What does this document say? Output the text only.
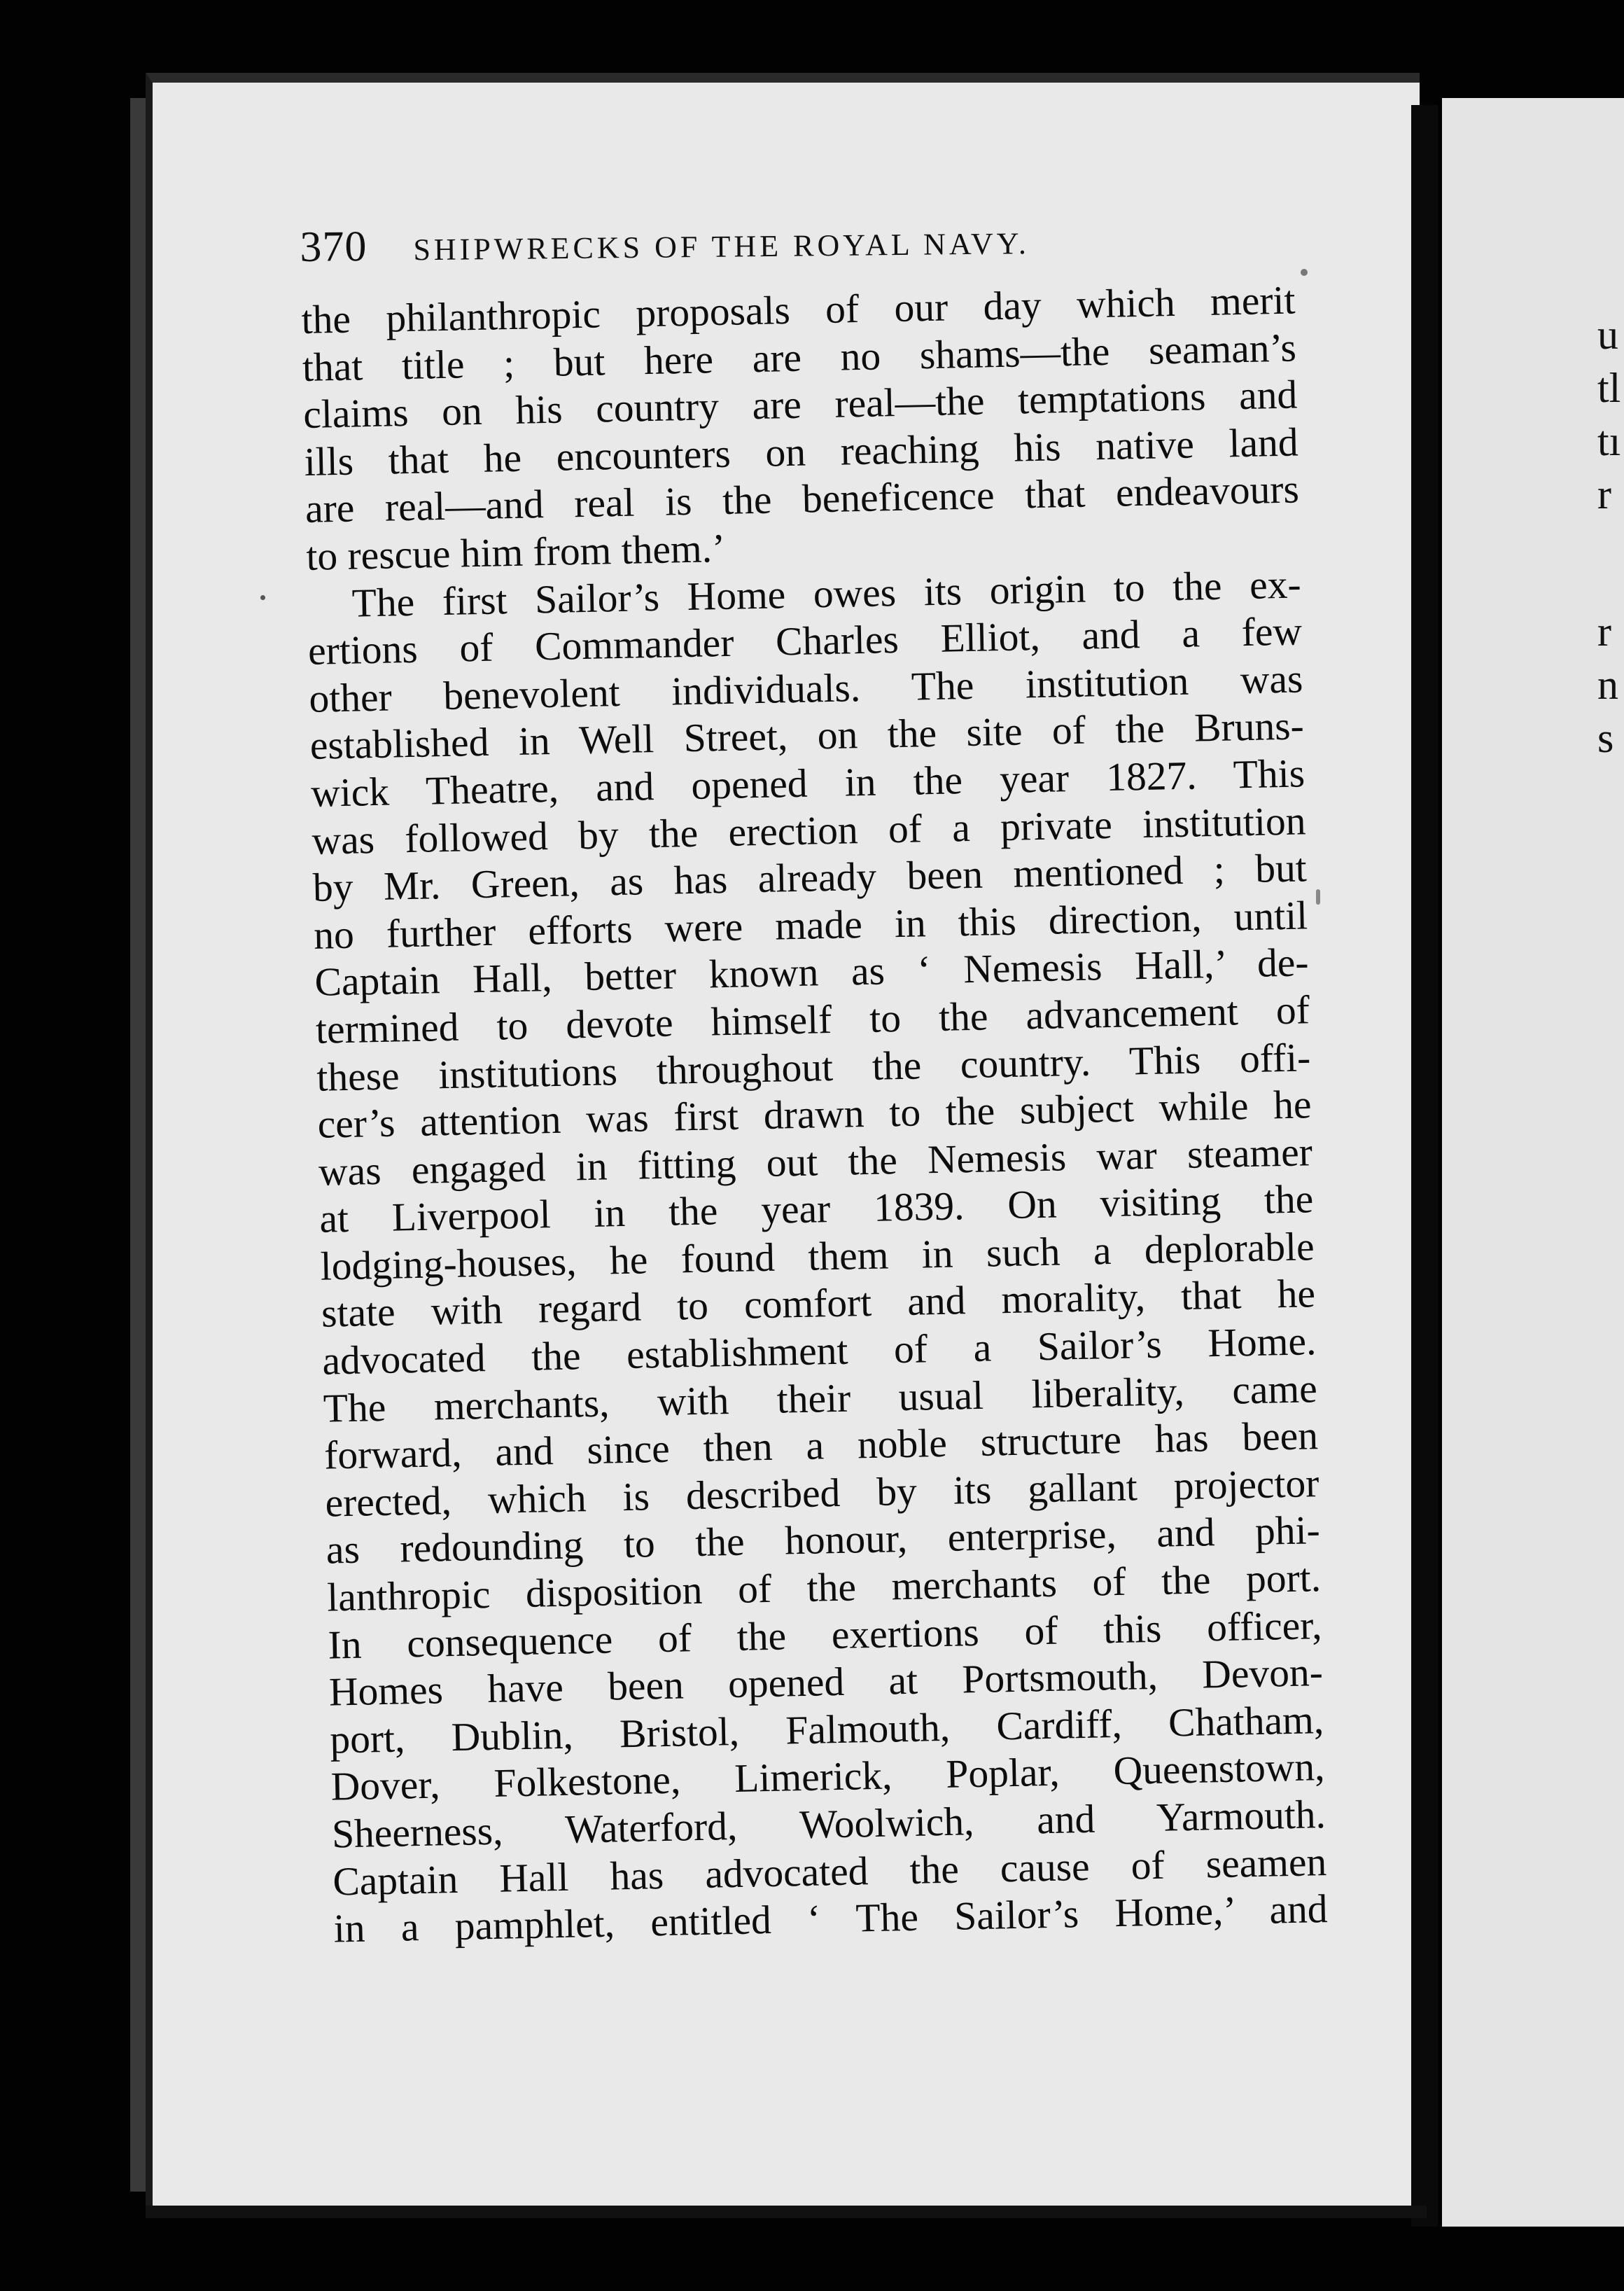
u
tl
tı
r
r
n
s
370 SHIPWRECKS OF THE ROYAL NAVY.
the philanthropic proposals of our day which merit
that title ; but here are no shams—the seaman’s
claims on his country are real—the temptations and
ills that he encounters on reaching his native land
are real—and real is the beneficence that endeavours
to rescue him from them.’
The first Sailor’s Home owes its origin to the ex-
ertions of Commander Charles Elliot, and a few
other benevolent individuals. The institution was
established in Well Street, on the site of the Bruns-
wick Theatre, and opened in the year 1827. This
was followed by the erection of a private institution
by Mr. Green, as has already been mentioned ; but
no further efforts were made in this direction, until
Captain Hall, better known as ‘ Nemesis Hall,’ de-
termined to devote himself to the advancement of
these institutions throughout the country. This offi-
cer’s attention was first drawn to the subject while he
was engaged in fitting out the Nemesis war steamer
at Liverpool in the year 1839. On visiting the
lodging-houses, he found them in such a deplorable
state with regard to comfort and morality, that he
advocated the establishment of a Sailor’s Home.
The merchants, with their usual liberality, came
forward, and since then a noble structure has been
erected, which is described by its gallant projector
as redounding to the honour, enterprise, and phi-
lanthropic disposition of the merchants of the port.
In consequence of the exertions of this officer,
Homes have been opened at Portsmouth, Devon-
port, Dublin, Bristol, Falmouth, Cardiff, Chatham,
Dover, Folkestone, Limerick, Poplar, Queenstown,
Sheerness, Waterford, Woolwich, and Yarmouth.
Captain Hall has advocated the cause of seamen
in a pamphlet, entitled ‘ The Sailor’s Home,’ and
